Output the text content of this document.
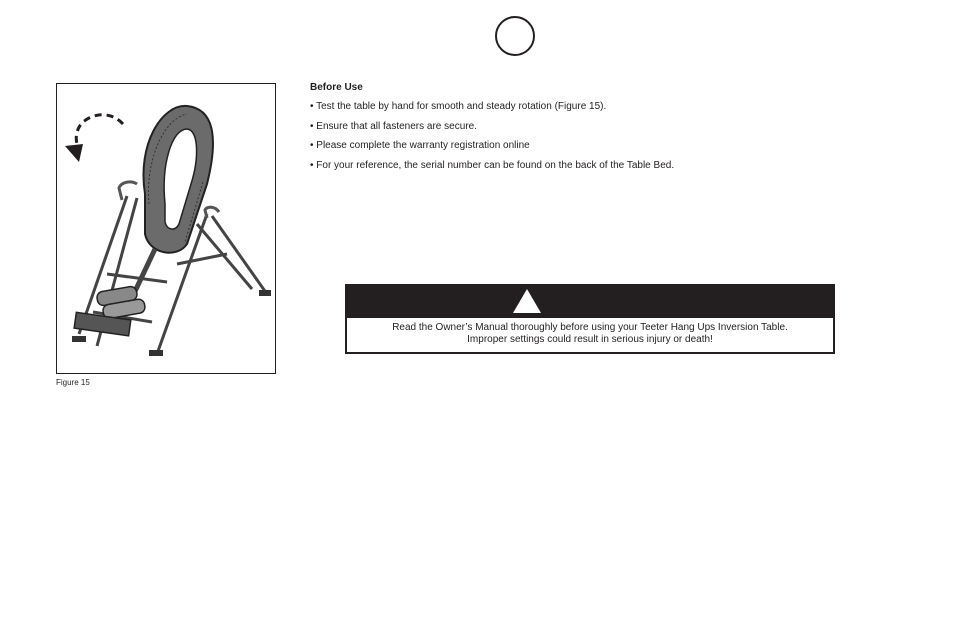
Figure 15

Before Use

• Test the table by hand for smooth and steady rotation (Figure 15).
• Ensure that all fasteners are secure.
• Please complete the warranty registration online
• For your reference, the serial number can be found on the back of the Table Bed.
Read the Owner’s Manual thoroughly before using your Teeter Hang Ups Inversion Table.
Improper settings could result in serious injury or death!
